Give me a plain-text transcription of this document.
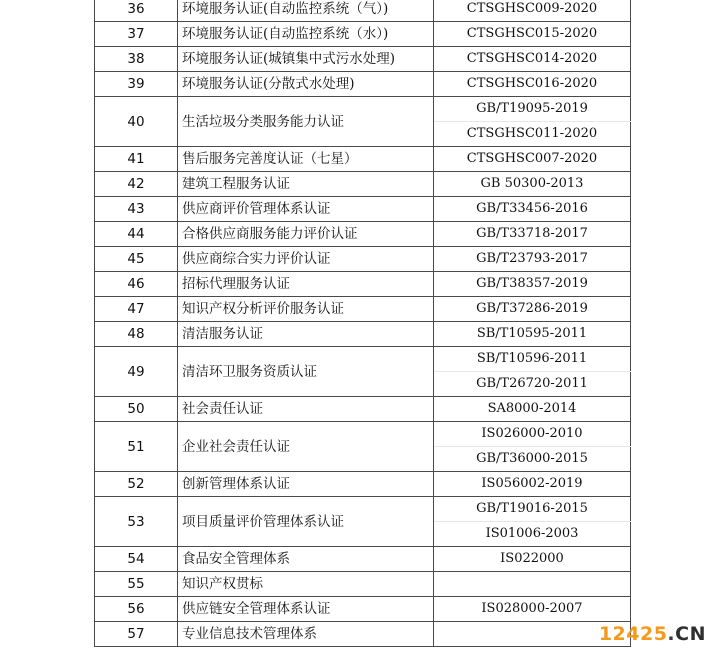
36	环境服务认证(自动监控系统（气）)	CTSGHSC009-2020
37	环境服务认证(自动监控系统（水）)	CTSGHSC015-2020
38	环境服务认证(城镇集中式污水处理)	CTSGHSC014-2020
39	环境服务认证(分散式水处理)	CTSGHSC016-2020
40	生活垃圾分类服务能力认证	GB/T19095-2019
		CTSGHSC011-2020
41	售后服务完善度认证（七星）	CTSGHSC007-2020
42	建筑工程服务认证	GB 50300-2013
43	供应商评价管理体系认证	GB/T33456-2016
44	合格供应商服务能力评价认证	GB/T33718-2017
45	供应商综合实力评价认证	GB/T23793-2017
46	招标代理服务认证	GB/T38357-2019
47	知识产权分析评价服务认证	GB/T37286-2019
48	清洁服务认证	SB/T10595-2011
49	清洁环卫服务资质认证	SB/T10596-2011
		GB/T26720-2011
50	社会责任认证	SA8000-2014
51	企业社会责任认证	IS026000-2010
		GB/T36000-2015
52	创新管理体系认证	IS056002-2019
53	项目质量评价管理体系认证	GB/T19016-2015
		IS01006-2003
54	食品安全管理体系	IS022000
55	知识产权贯标	
56	供应链安全管理体系认证	IS028000-2007
57	专业信息技术管理体系		12425.CN
